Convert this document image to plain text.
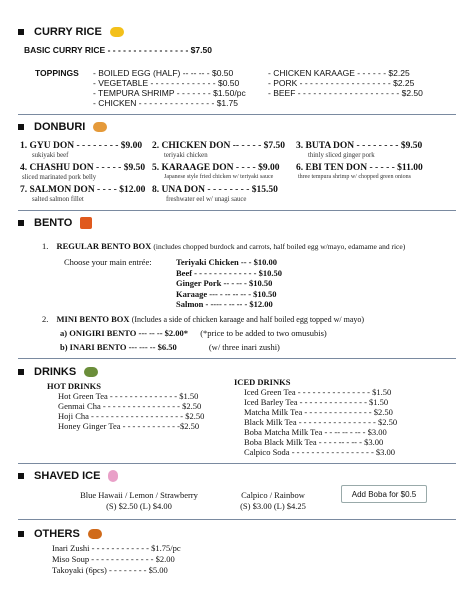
CURRY RICE
BASIC CURRY RICE - - - - - - - - - - - - - - - - $7.50
TOPPINGS - BOILED EGG (HALF) -- -- -- - $0.50
- VEGETABLE - - - - - - - - - - - - - $0.50
- TEMPURA SHRIMP - - - - - - - $1.50/pc
- CHICKEN - - - - - - - - - - - - - - - $1.75
- CHICKEN KARAAGE - - - - - - $2.25
- PORK - - - - - - - - - - - - - - - - - - $2.25
- BEEF - - - - - - - - - - - - - - - - - - - - $2.50
DONBURI
1. GYU DON - - - - - - - - $9.00
sukiyaki beef
2. CHICKEN DON -- - - - - $7.50
teriyaki chicken
3. BUTA DON - - - - - - - - $9.50
thinly sliced ginger pork
4. CHASHU DON - - - - - $9.50
sliced marinated pork belly
5. KARAAGE DON - - - - $9.00
Japanese style fried chicken w/ teriyaki sauce
6. EBI TEN DON - - - - - $11.00
three tempura shrimp w/ chopped green onions
7. SALMON DON - - - - $12.00
salted salmon fillet
8. UNA DON - - - - - - - - $15.50
freshwater eel w/ unagi sauce
BENTO
1. REGULAR BENTO BOX (includes chopped burdock and carrots, half boiled egg w/mayo, edamame and rice)
Choose your main entrée:	Teriyaki Chicken -- - $10.00
Beef - - - - - - - - - - - - - $10.50
Ginger Pork -- - -- - $10.50
Karaage --- - -- -- -- - $10.50
Salmon - ---- - -- -- - $12.00
2. MINI BENTO BOX (Includes a side of chicken karaage and half boiled egg topped w/ mayo)
a) ONIGIRI BENTO --- -- -- $2.00* (*price to be added to two omusubis)
b) INARI BENTO --- --- -- $6.50	(w/ three inari zushi)
DRINKS
HOT DRINKS
Hot Green Tea - - - - - - - - - - - - - - $1.50
Genmai Cha - - - - - - - - - - - - - - - - $2.50
Hoji Cha - - - - - - - - - - - - - - - - - - - $2.50
Honey Ginger Tea - - - - - - - - - - - -$2.50
ICED DRINKS
Iced Green Tea - - - - - - - - - - - - - - - $1.50
Iced Barley Tea - - - - - - - - - - - - - - $1.50
Matcha Milk Tea - - - - - - - - - - - - - - $2.50
Black Milk Tea - - - - - - - - - - - - - - - - $2.50
Boba Matcha Milk Tea - - -- -- - -- - $3.00
Boba Black Milk Tea - - - - -- - -- - $3.00
Calpico Soda - - - - - - - - - - - - - - - - - $3.00
SHAVED ICE
Blue Hawaii / Lemon / Strawberry
(S) $2.50 (L) $4.00
Calpico / Rainbow
(S) $3.00 (L) $4.25
Add Boba for $0.5
OTHERS
Inari Zushi - - - - - - - - - - - - $1.75/pc
Miso Soup - - - - - - - - - - - - - $2.00
Takoyaki (6pcs) - - - - - - - - $5.00
